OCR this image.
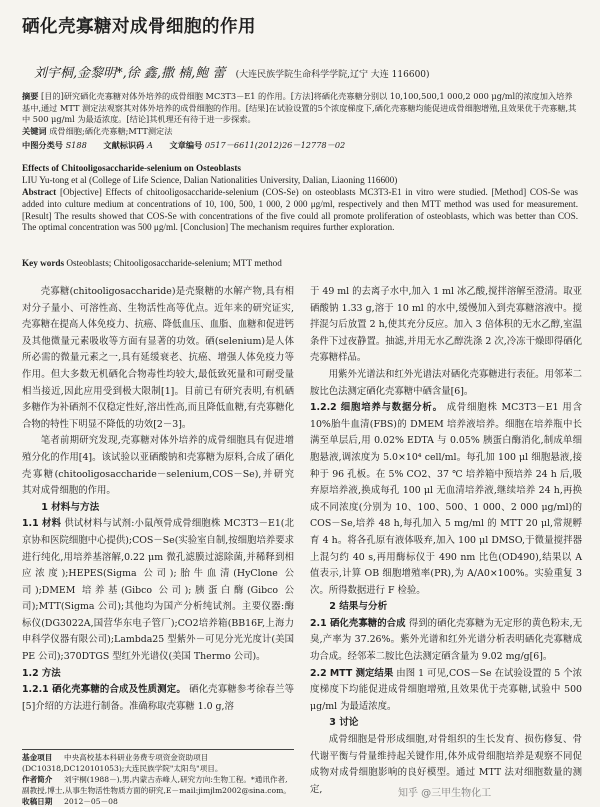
硒化壳寡糖对成骨细胞的作用
刘宇桐,金黎明*,徐 鑫,撒 楠,鲍 蕾 (大连民族学院生命科学学院,辽宁 大连 116600)
摘要 [目的]研究硒化壳寡糖对体外培养的成骨细胞 MC3T3－E1 的作用。[方法]将硒化壳寡糖分别以 10,100,500,1 000,2 000 μg/ml的浓度加入培养基中,通过 MTT 测定法观察其对体外培养的成骨细胞的作用。[结果]在试验设置的5个浓度梯度下,硒化壳寡糖均能促进成骨细胞增殖,且效果优于壳寡糖,其中 500 μg/ml 为最适浓度。[结论]其机理还有待于进一步探索。
关键词 成骨细胞;硒化壳寡糖;MTT测定法
中图分类号 S188 文献标识码 A 文章编号 0517－6611(2012)26－12778－02
Effects of Chitooligosaccharide-selenium on Osteoblasts
LIU Yu-tong et al (College of Life Science, Dalian Nationalities University, Dalian, Liaoning 116600)
Abstract [Objective] Effects of chitooligosaccharide-selenium (COS-Se) on osteoblasts MC3T3-E1 in vitro were studied. [Method] COS-Se was added into culture medium at concentrations of 10, 100, 500, 1 000, 2 000 μg/ml, respectively and then MTT method was used for measurement. [Result] The results showed that COS-Se with concentrations of the five could all promote proliferation of osteoblasts, which was better than COS. The optimal concentration was 500 μg/ml. [Conclusion] The mechanism requires further exploration.
Key words Osteoblasts; Chitooligosaccharide-selenium; MTT method

壳寡糖(chitooligosaccharide)是壳聚糖的水解产物,具有相对分子量小、可溶性高、生物活性高等优点。近年来的研究证实,壳寡糖在提高人体免疫力、抗癌、降低血压、血脂、血糖和促进钙及其他微量元素吸收等方面有显著的功效。硒(selenium)是人体所必需的微量元素之一,具有延缓衰老、抗癌、增强人体免疫力等作用。但大多数无机硒化合物毒性均较大,最低致死量和可耐受量相当接近,因此应用受到极大限制[1]。目前已有研究表明,有机硒多糖作为补硒剂不仅稳定性好,溶出性高,而且降低血糖,有壳寡糖化合物的特性下明显不降低的功效[2－3]。

笔者前期研究发现,壳寡糖对体外培养的成骨细胞具有促进增殖分化的作用[4]。该试验以亚硒酸钠和壳寡糖为原料,合成了硒化壳寡糖(chitooligosaccharide－selenium,COS－Se),并研究其对成骨细胞的作用。

1 材料与方法

1.1 材料 供试材料与试剂:小鼠颅骨成骨细胞株 MC3T3－E1(北京协和医院细胞中心提供);COS－Se(实验室自制,按细胞培养要求进行纯化,用培养基溶解,0.22 μm 微孔滤膜过滤除菌,并稀释到相应浓度);HEPES(Sigma 公司);胎牛血清(HyClone 公司);DMEM 培养基(Gibco 公司);胰蛋白酶(Gibco 公司);MTT(Sigma 公司);其他均为国产分析纯试剂。主要仪器:酶标仪(DG3022A,国营华东电子管厂);CO2培养箱(BB16F,上海力申科学仪器有限公司);Lambda25 型紫外－可见分光光度计(美国 PE 公司);370DTGS 型红外光谱仪(美国 Thermo 公司)。

1.2 方法

1.2.1 硒化壳寡糖的合成及性质测定。 硒化壳寡糖参考徐春兰等[5]介绍的方法进行制备。准确称取壳寡糖 1.0 g,溶

于 49 ml 的去离子水中,加入 1 ml 冰乙酸,搅拌溶解至澄清。取亚硒酸钠 1.33 g,溶于 10 ml 的水中,缓慢加入到壳寡糖溶液中。搅拌混匀后放置 2 h,使其充分反应。加入 3 倍体积的无水乙醇,室温条件下过夜静置。抽滤,并用无水乙醇洗涤 2 次,冷冻干燥即得硒化壳寡糖样品。

用紫外光谱法和红外光谱法对硒化壳寡糖进行表征。用邻苯二胺比色法测定硒化壳寡糖中硒含量[6]。

1.2.2 细胞培养与数据分析。 成骨细胞株 MC3T3－E1 用含 10%胎牛血清(FBS)的 DMEM 培养液培养。细胞在培养瓶中长满至单层后,用 0.02% EDTA 与 0.05% 胰蛋白酶消化,制成单细胞悬液,调浓度为 5.0×10⁴ cell/ml。每孔加 100 μl 细胞悬液,接种于 96 孔板。在 5% CO2、37 ℃ 培养箱中预培养 24 h 后,吸弃原培养液,换成每孔 100 μl 无血清培养液,继续培养 24 h,再换成不同浓度(分别为 10、100、500、1 000、2 000 μg/ml)的 COS－Se,培养 48 h,每孔加入 5 mg/ml 的 MTT 20 μl,常规孵育 4 h。将各孔原有液体吸弃,加入 100 μl DMSO,于微量搅拌器上混匀约 40 s,再用酶标仪于 490 nm 比色(OD490),结果以 A 值表示,计算 OB 细胞增殖率(PR),为 A/A0×100%。实验重复 3 次。所得数据进行 F 检验。

2 结果与分析

2.1 硒化壳寡糖的合成 得到的硒化壳寡糖为无定形的黄色粉末,无臭,产率为 37.26%。紫外光谱和红外光谱分析表明硒化壳寡糖成功合成。经邻苯二胺比色法测定硒含量为 9.02 mg/g[6]。

2.2 MTT 测定结果 由图 1 可见,COS－Se 在试验设置的 5 个浓度梯度下均能促进成骨细胞增殖,且效果优于壳寡糖,试验中 500 μg/ml 为最适浓度。

3 讨论

成骨细胞是骨形成细胞,对骨组织的生长发育、损伤修复、骨代谢平衡与骨量维持起关键作用,体外成骨细胞培养是观察不同促成物对成骨细胞影响的良好模型。通过 MTT 法对细胞数量的测定,

基金项目 中央高校基本科研业务费专项资金资助项目(DC10318,DC120101053);大连民族学院"太阳鸟"项目。
作者简介 刘宇桐(1988－),男,内蒙古赤峰人,研究方向:生物工程。*通讯作者,副教授,博士,从事生物活性物质方面的研究,E－mail:jimjlm2002@sina.com。
收稿日期 2012－05－08
知乎 @三甲生物化工
